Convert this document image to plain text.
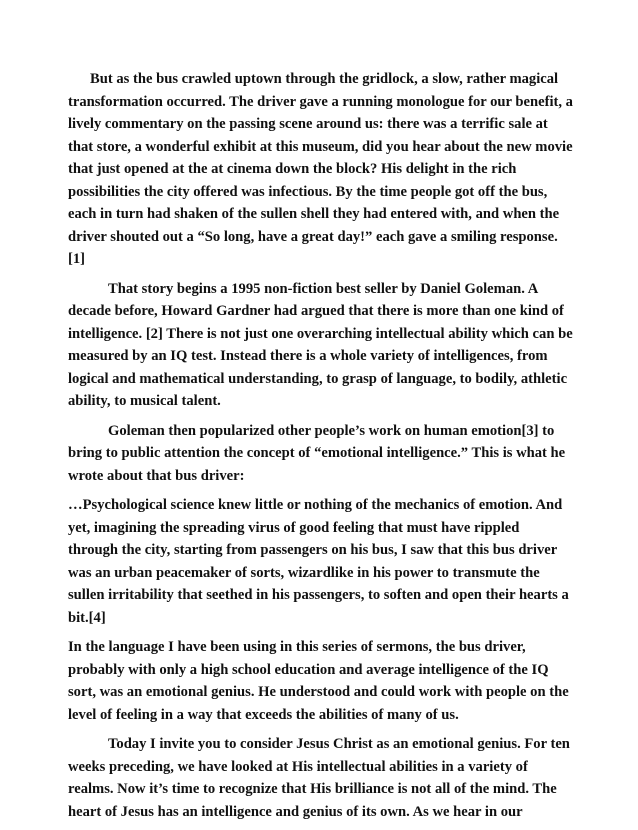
But as the bus crawled uptown through the gridlock, a slow, rather magical transformation occurred. The driver gave a running monologue for our benefit, a lively commentary on the passing scene around us: there was a terrific sale at that store, a wonderful exhibit at this museum, did you hear about the new movie that just opened at the at cinema down the block? His delight in the rich possibilities the city offered was infectious. By the time people got off the bus, each in turn had shaken of the sullen shell they had entered with, and when the driver shouted out a “So long, have a great day!” each gave a smiling response.[1]

That story begins a 1995 non-fiction best seller by Daniel Goleman. A decade before, Howard Gardner had argued that there is more than one kind of intelligence. [2] There is not just one overarching intellectual ability which can be measured by an IQ test. Instead there is a whole variety of intelligences, from logical and mathematical understanding, to grasp of language, to bodily, athletic ability, to musical talent.

Goleman then popularized other people’s work on human emotion[3] to bring to public attention the concept of “emotional intelligence.” This is what he wrote about that bus driver:

…Psychological science knew little or nothing of the mechanics of emotion. And yet, imagining the spreading virus of good feeling that must have rippled through the city, starting from passengers on his bus, I saw that this bus driver was an urban peacemaker of sorts, wizardlike in his power to transmute the sullen irritability that seethed in his passengers, to soften and open their hearts a bit.[4]

In the language I have been using in this series of sermons, the bus driver, probably with only a high school education and average intelligence of the IQ sort, was an emotional genius. He understood and could work with people on the level of feeling in a way that exceeds the abilities of many of us.

Today I invite you to consider Jesus Christ as an emotional genius. For ten weeks preceding, we have looked at His intellectual abilities in a variety of realms. Now it’s time to recognize that His brilliance is not all of the mind. The heart of Jesus has an intelligence and genius of its own. As we hear in our
